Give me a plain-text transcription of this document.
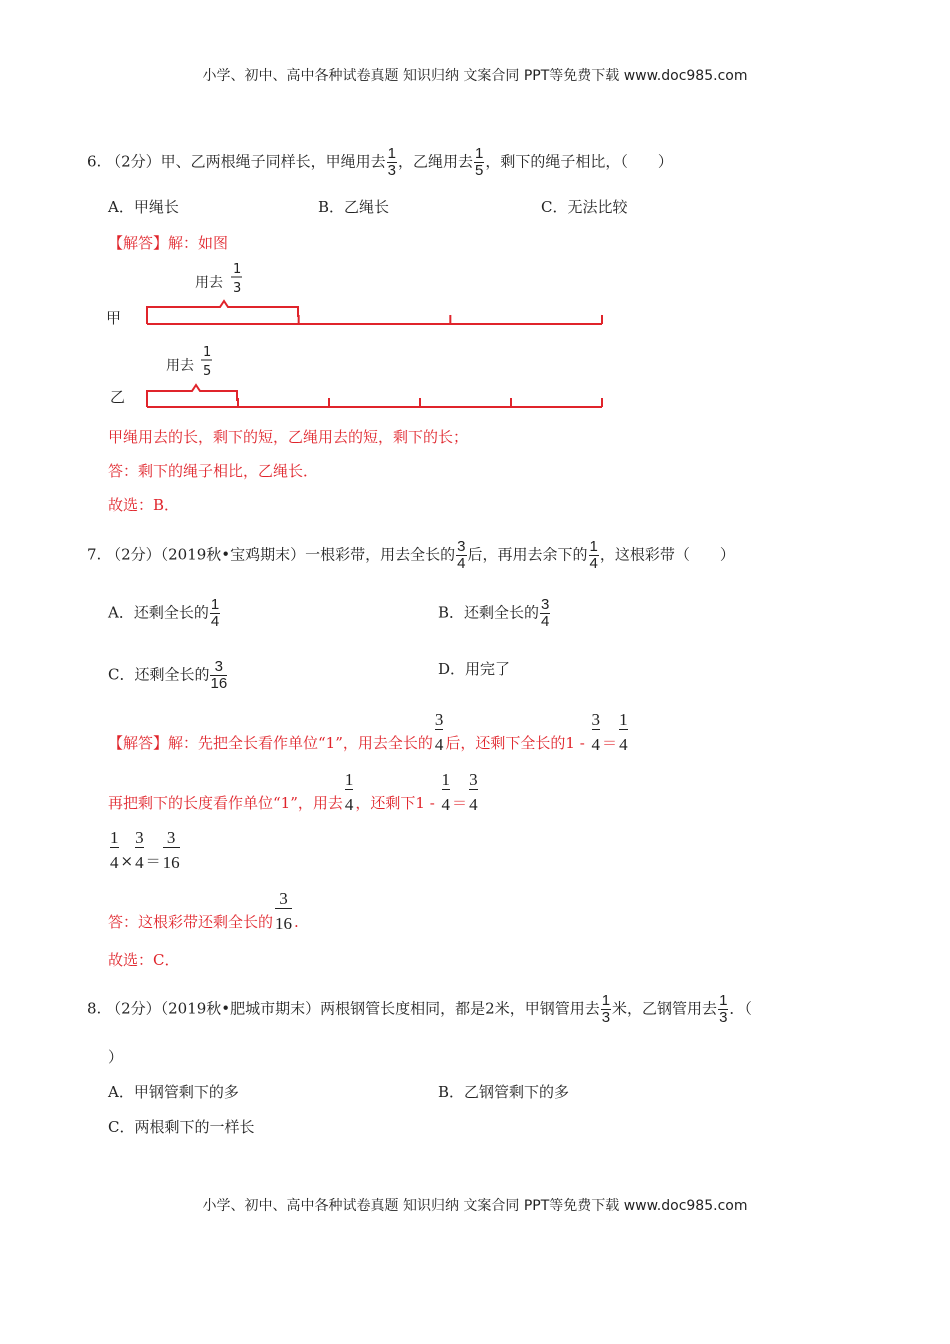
小学、初中、高中各种试卷真题 知识归纳 文案合同 PPT等免费下载 www.doc985.com
6. （2分）甲、乙两根绳子同样长，甲绳用去 $\frac{1}{3}$ ，乙绳用去 $\frac{1}{5}$ ，剩下的绳子相比，（　　）
A．甲绳长	B．乙绳长	C．无法比较
【解答】解：如图
甲
用去
1
3
乙
用去
1
5
甲绳用去的长，剩下的短，乙绳用去的短，剩下的长；
答：剩下的绳子相比，乙绳长．
故选：B．
7. （2分）（2019秋•宝鸡期末）一根彩带，用去全长的 $\frac{3}{4}$ 后，再用去余下的 $\frac{1}{4}$ ，这根彩带（　　）
A．还剩全长的 $\frac{1}{4}$	B．还剩全长的 $\frac{3}{4}$
C．还剩全长的 $\frac{3}{16}$	D．用完了
【解答】解：先把全长看作单位“1”，用去全长的 $\frac{3}{4}$ 后，还剩下全长的$1 - \frac{3}{4} = \frac{1}{4}$
再把剩下的长度看作单位“1”，用去 $\frac{1}{4}$ ，还剩下$1 - \frac{1}{4} = \frac{3}{4}$
$\frac{1}{4} \times \frac{3}{4} = \frac{3}{16}$
答：这根彩带还剩全长的 $\frac{3}{16}$ .
故选：C．
8. （2分）（2019秋•肥城市期末）两根钢管长度相同，都是2米，甲钢管用去 $\frac{1}{3}$ 米，乙钢管用去 $\frac{1}{3}$ ．（
）
A．甲钢管剩下的多	B．乙钢管剩下的多
C．两根剩下的一样长
小学、初中、高中各种试卷真题 知识归纳 文案合同 PPT等免费下载 www.doc985.com
